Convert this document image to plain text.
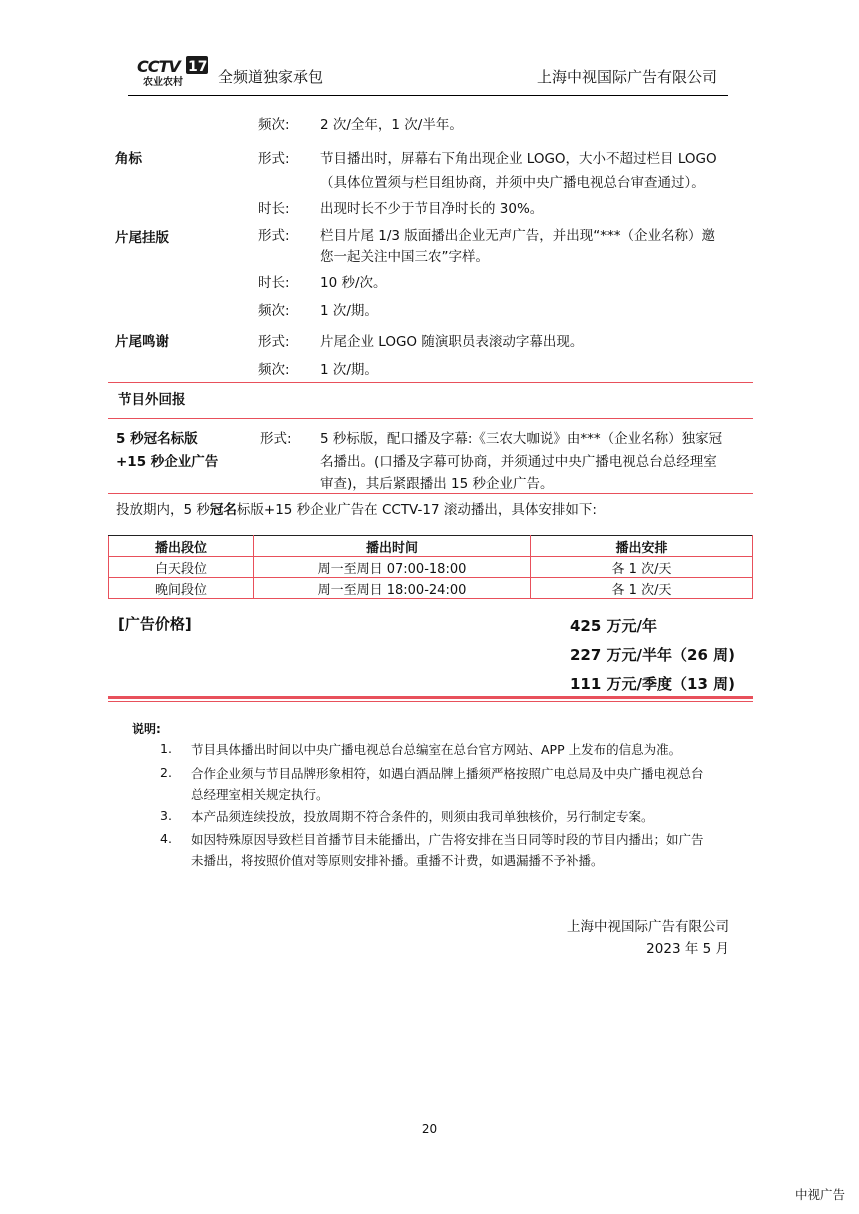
CCTV 17
农业农村 全频道独家承包	上海中视国际广告有限公司
频次: 2 次/全年，1 次/半年。
角标	形式: 节目播出时，屏幕右下角出现企业 LOGO，大小不超过栏目 LOGO
（具体位置须与栏目组协商，并须中央广播电视总台审查通过）。
时长: 出现时长不少于节目净时长的 30%。
片尾挂版	形式: 栏目片尾 1/3 版面播出企业无声广告，并出现“***（企业名称）邀
您一起关注中国三农”字样。
时长: 10 秒/次。
频次: 1 次/期。
片尾鸣谢	形式: 片尾企业 LOGO 随演职员表滚动字幕出现。
频次: 1 次/期。
节目外回报
5 秒冠名标版
+15 秒企业广告
形式: 5 秒标版，配口播及字幕:《三农大咖说》由***（企业名称）独家冠
名播出。(口播及字幕可协商，并须通过中央广播电视总台总经理室
审查)，其后紧跟播出 15 秒企业广告。
投放期内，5 秒冠名标版+15 秒企业广告在 CCTV-17 滚动播出，具体安排如下:
播出段位	播出时间	播出安排
白天段位	周一至周日 07:00-18:00	各 1 次/天
晚间段位	周一至周日 18:00-24:00	各 1 次/天
[广告价格]	425 万元/年
227 万元/半年（26 周)
111 万元/季度（13 周)
说明:
1. 节目具体播出时间以中央广播电视总台总编室在总台官方网站、APP 上发布的信息为准。
2. 合作企业须与节目品牌形象相符，如遇白酒品牌上播须严格按照广电总局及中央广播电视总台
总经理室相关规定执行。
3. 本产品须连续投放，投放周期不符合条件的，则须由我司单独核价，另行制定专案。
4. 如因特殊原因导致栏目首播节目未能播出，广告将安排在当日同等时段的节目内播出；如广告
未播出，将按照价值对等原则安排补播。重播不计费，如遇漏播不予补播。
上海中视国际广告有限公司
2023 年 5 月
20
中视广告
